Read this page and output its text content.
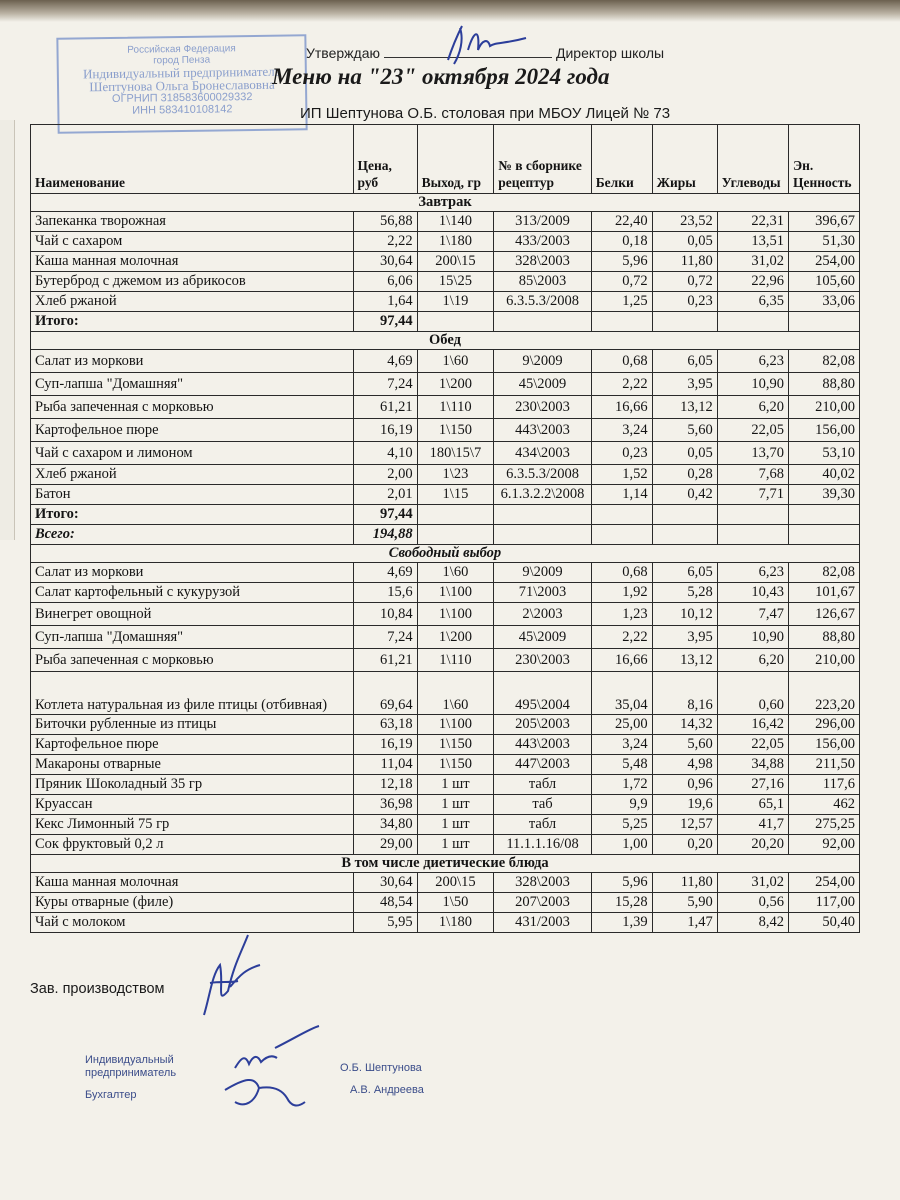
Российская Федерация
город Пенза
Индивидуальный предприниматель
Шептунова Ольга Бронеславовна
ОГРНИП 318583600029332
ИНН 583410108142
Утверждаю	Директор школы
Меню на "23" октября 2024 года
ИП Шептунова О.Б. столовая при МБОУ Лицей № 73
Наименование	Цена, руб	Выход, гр	№ в сборнике рецептур	Белки	Жиры	Углеводы	Эн. Ценность
Завтрак							
Запеканка творожная	56,88	1\140	313/2009	22,40	23,52	22,31	396,67
Чай с сахаром	2,22	1\180	433/2003	0,18	0,05	13,51	51,30
Каша манная молочная	30,64	200\15	328\2003	5,96	11,80	31,02	254,00
Бутерброд с джемом из абрикосов	6,06	15\25	85\2003	0,72	0,72	22,96	105,60
Хлеб ржаной	1,64	1\19	6.3.5.3/2008	1,25	0,23	6,35	33,06
Итого:	97,44						
Обед							
Салат из моркови	4,69	1\60	9\2009	0,68	6,05	6,23	82,08
Суп-лапша "Домашняя"	7,24	1\200	45\2009	2,22	3,95	10,90	88,80
Рыба запеченная с морковью	61,21	1\110	230\2003	16,66	13,12	6,20	210,00
Картофельное пюре	16,19	1\150	443\2003	3,24	5,60	22,05	156,00
Чай с сахаром и лимоном	4,10	180\15\7	434\2003	0,23	0,05	13,70	53,10
Хлеб ржаной	2,00	1\23	6.3.5.3/2008	1,52	0,28	7,68	40,02
Батон	2,01	1\15	6.1.3.2.2\2008	1,14	0,42	7,71	39,30
Итого:	97,44						
Всего:	194,88						
Свободный выбор							
Салат из моркови	4,69	1\60	9\2009	0,68	6,05	6,23	82,08
Салат картофельный с кукурузой	15,6	1\100	71\2003	1,92	5,28	10,43	101,67
Винегрет овощной	10,84	1\100	2\2003	1,23	10,12	7,47	126,67
Суп-лапша "Домашняя"	7,24	1\200	45\2009	2,22	3,95	10,90	88,80
Рыба запеченная с морковью	61,21	1\110	230\2003	16,66	13,12	6,20	210,00
Котлета натуральная из филе птицы (отбивная)	69,64	1\60	495\2004	35,04	8,16	0,60	223,20
Биточки рубленные из птицы	63,18	1\100	205\2003	25,00	14,32	16,42	296,00
Картофельное пюре	16,19	1\150	443\2003	3,24	5,60	22,05	156,00
Макароны отварные	11,04	1\150	447\2003	5,48	4,98	34,88	211,50
Пряник Шоколадный 35 гр	12,18	1 шт	табл	1,72	0,96	27,16	117,6
Круассан	36,98	1 шт	таб	9,9	19,6	65,1	462
Кекс Лимонный 75 гр	34,80	1 шт	табл	5,25	12,57	41,7	275,25
Сок фруктовый 0,2 л	29,00	1 шт	11.1.1.16/08	1,00	0,20	20,20	92,00
В том числе диетические блюда							
Каша манная молочная	30,64	200\15	328\2003	5,96	11,80	31,02	254,00
Куры отварные (филе)	48,54	1\50	207\2003	15,28	5,90	0,56	117,00
Чай с молоком	5,95	1\180	431/2003	1,39	1,47	8,42	50,40
Зав. производством
Индивидуальный предприниматель
Бухгалтер
О.Б. Шептунова
А.В. Андреева
